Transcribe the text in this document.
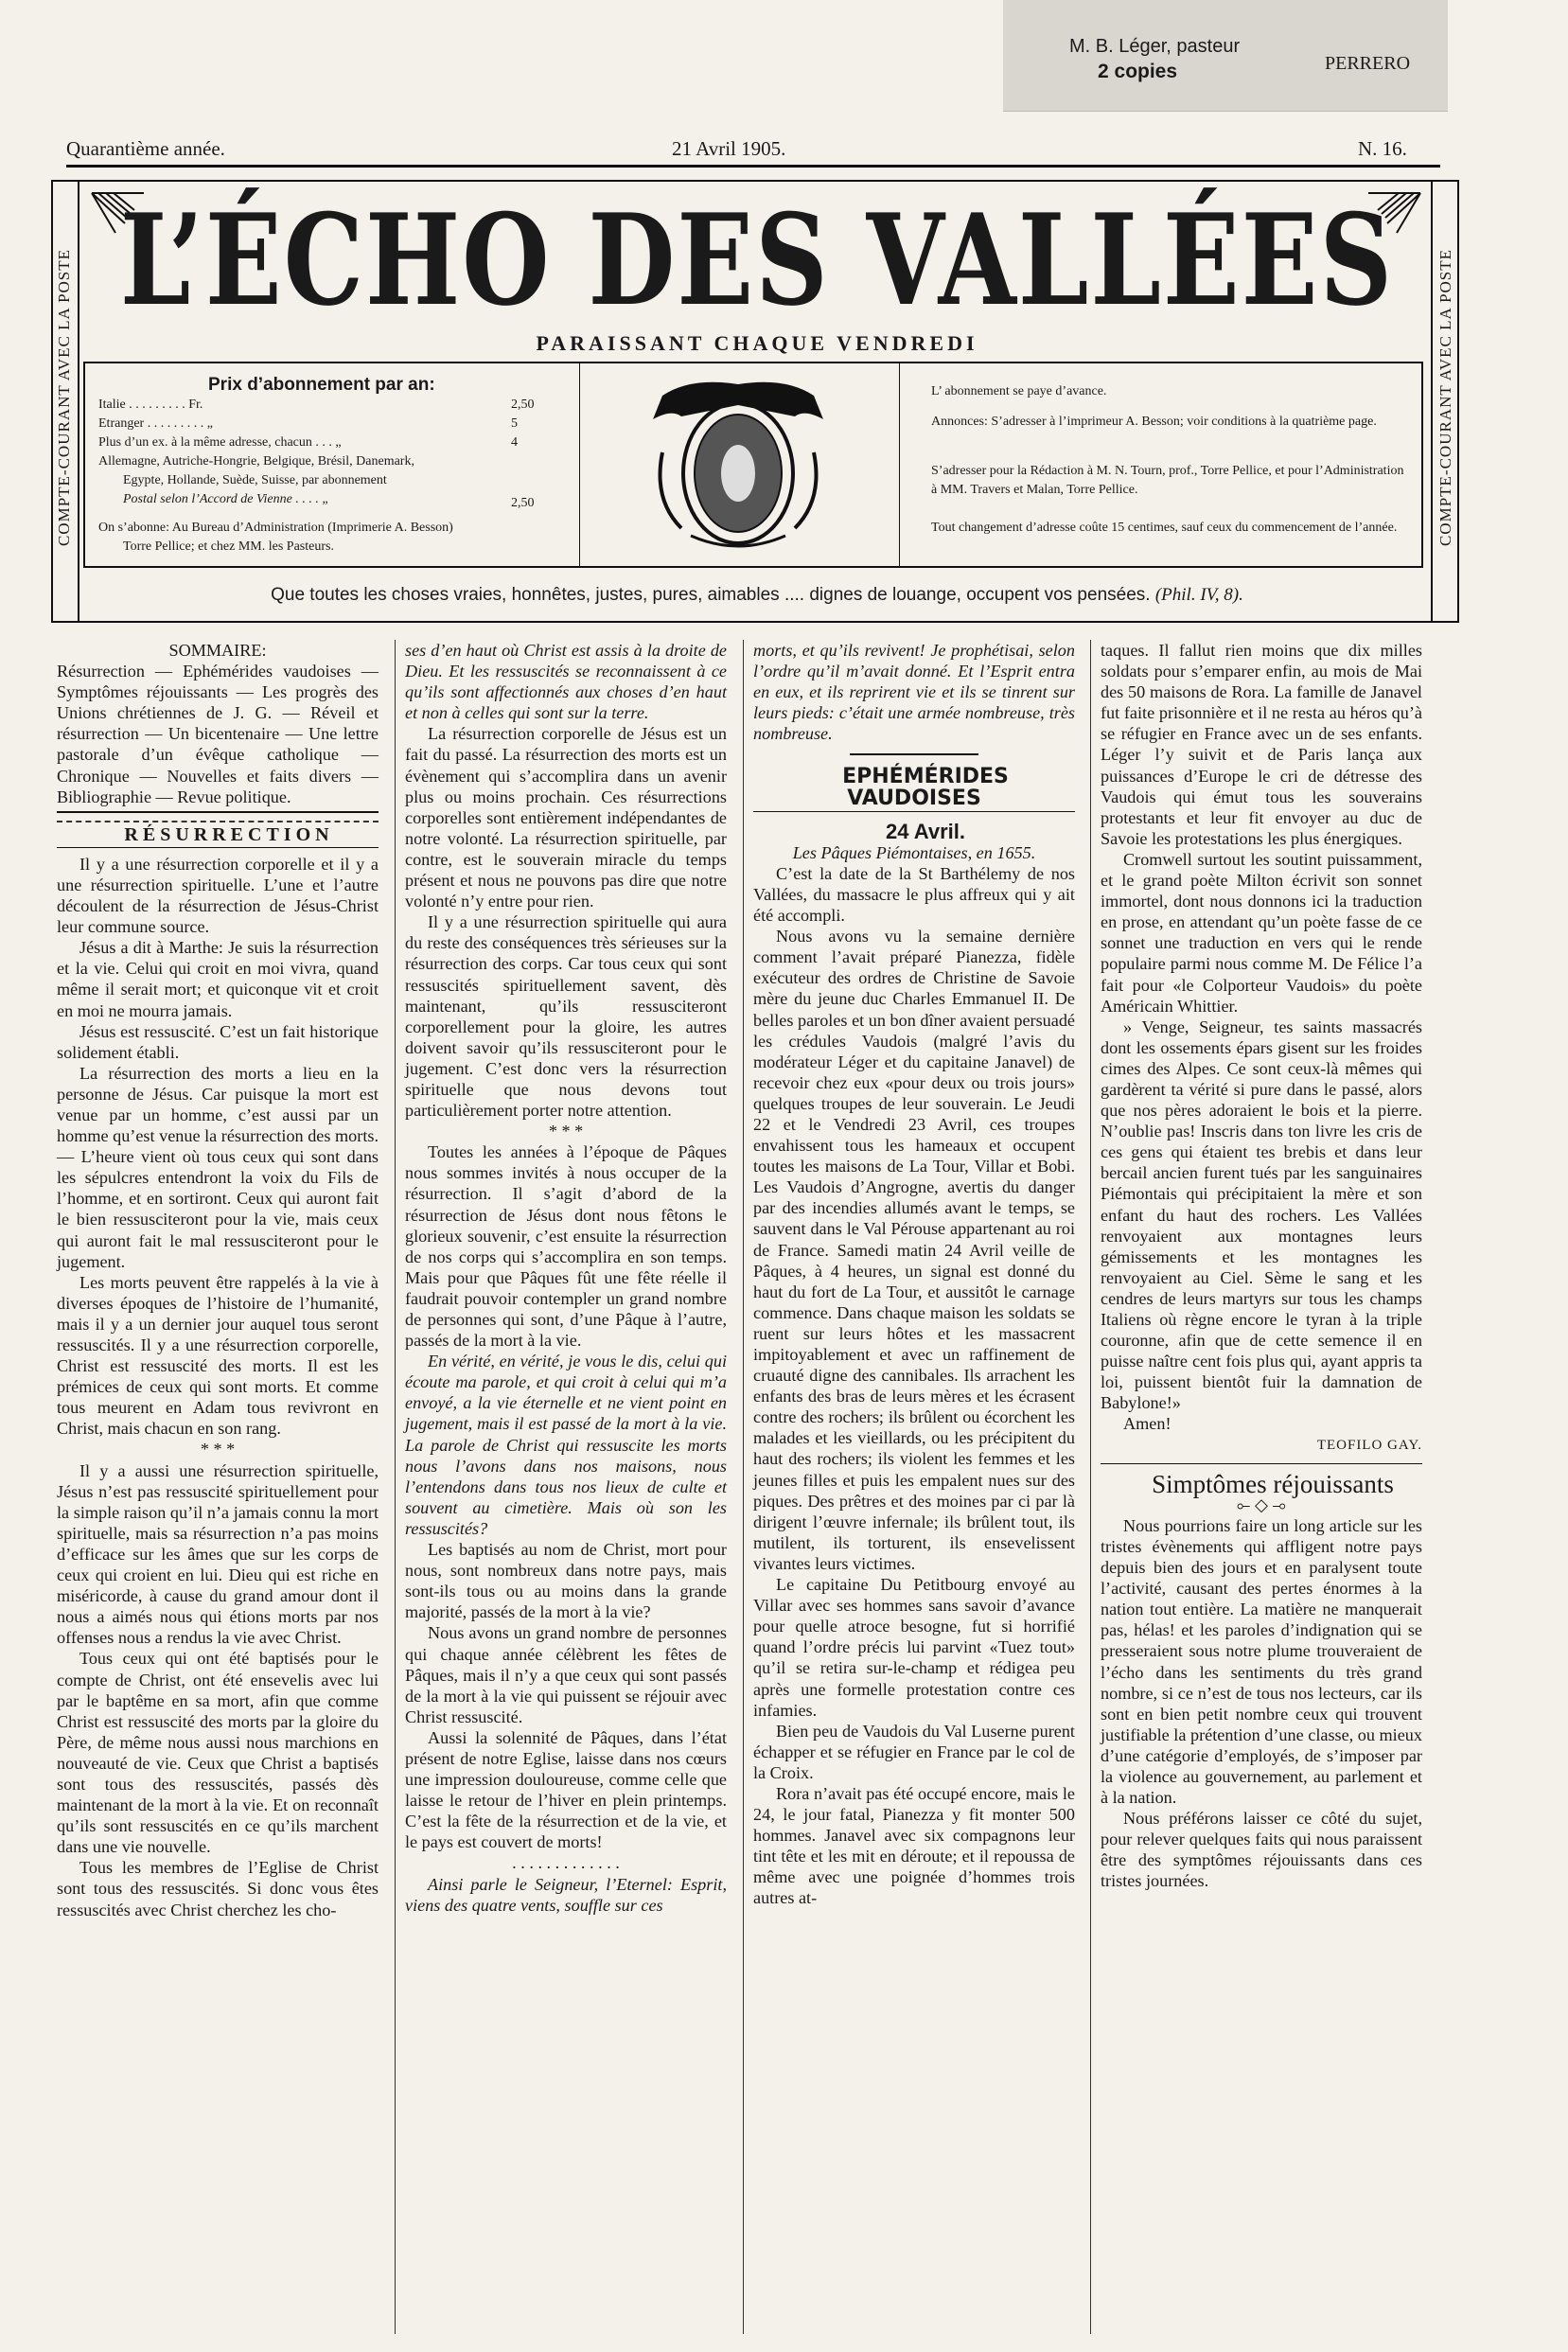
M. B. Léger, pasteur
2 copies	PERRERO
Quarantième année.	21 Avril 1905.	N. 16.
COMPTE-COURANT AVEC LA POSTE	COMPTE-COURANT AVEC LA POSTE
L’ÉCHO DES VALLÉES
PARAISSANT CHAQUE VENDREDI
Prix d’abonnement par an:
Italie . . . . . . . . . Fr.	2,50
Etranger . . . . . . . . . „	5
Plus d’un ex. à la même adresse, chacun . . . „	4
Allemagne, Autriche-Hongrie, Belgique, Brésil, Danemark,
Egypte, Hollande, Suède, Suisse, par abonnement
Postal selon l’Accord de Vienne . . . . „	2,50
On s’abonne: Au Bureau d’Administration (Imprimerie A. Besson)
Torre Pellice; et chez MM. les Pasteurs.
L’ abonnement se paye d’avance.
Annonces: S’adresser à l’imprimeur A. Besson; voir conditions à la quatrième page.
S’adresser pour la Rédaction à M. N. Tourn, prof., Torre Pellice, et pour l’Administration à MM. Travers et Malan, Torre Pellice.
Tout changement d’adresse coûte 15 centimes, sauf ceux du commencement de l’année.
Que toutes les choses vraies, honnêtes, justes, pures, aimables .... dignes de louange, occupent vos pensées. (Phil. IV, 8).

SOMMAIRE:

Résurrection — Ephémérides vaudoises — Symptômes réjouissants — Les progrès des Unions chrétiennes de J. G. — Réveil et résurrection — Un bicentenaire — Une lettre pastorale d’un évêque catholique — Chronique — Nouvelles et faits divers — Bibliographie — Revue politique.

RÉSURRECTION

Il y a une résurrection corporelle et il y a une résurrection spirituelle. L’une et l’autre découlent de la résurrection de Jésus-Christ leur commune source.

Jésus a dit à Marthe: Je suis la résurrection et la vie. Celui qui croit en moi vivra, quand même il serait mort; et quiconque vit et croit en moi ne mourra jamais.

Jésus est ressuscité. C’est un fait historique solidement établi.

La résurrection des morts a lieu en la personne de Jésus. Car puisque la mort est venue par un homme, c’est aussi par un homme qu’est venue la résurrection des morts. — L’heure vient où tous ceux qui sont dans les sépulcres entendront la voix du Fils de l’homme, et en sortiront. Ceux qui auront fait le bien ressusciteront pour la vie, mais ceux qui auront fait le mal ressusciteront pour le jugement.

Les morts peuvent être rappelés à la vie à diverses époques de l’histoire de l’humanité, mais il y a un dernier jour auquel tous seront ressuscités. Il y a une résurrection corporelle, Christ est ressuscité des morts. Il est les prémices de ceux qui sont morts. Et comme tous meurent en Adam tous revivront en Christ, mais chacun en son rang.

* * *

Il y a aussi une résurrection spirituelle, Jésus n’est pas ressuscité spirituellement pour la simple raison qu’il n’a jamais connu la mort spirituelle, mais sa résurrection n’a pas moins d’efficace sur les âmes que sur les corps de ceux qui croient en lui. Dieu qui est riche en miséricorde, à cause du grand amour dont il nous a aimés nous qui étions morts par nos offenses nous a rendus la vie avec Christ.

Tous ceux qui ont été baptisés pour le compte de Christ, ont été ensevelis avec lui par le baptême en sa mort, afin que comme Christ est ressuscité des morts par la gloire du Père, de même nous aussi nous marchions en nouveauté de vie. Ceux que Christ a baptisés sont tous des ressuscités, passés dès maintenant de la mort à la vie. Et on reconnaît qu’ils sont ressuscités en ce qu’ils marchent dans une vie nouvelle.

Tous les membres de l’Eglise de Christ sont tous des ressuscités. Si donc vous êtes ressuscités avec Christ cherchez les cho-

ses d’en haut où Christ est assis à la droite de Dieu. Et les ressuscités se reconnaissent à ce qu’ils sont affectionnés aux choses d’en haut et non à celles qui sont sur la terre.

La résurrection corporelle de Jésus est un fait du passé. La résurrection des morts est un évènement qui s’accomplira dans un avenir plus ou moins prochain. Ces résurrections corporelles sont entièrement indépendantes de notre volonté. La résurrection spirituelle, par contre, est le souverain miracle du temps présent et nous ne pouvons pas dire que notre volonté n’y entre pour rien.

Il y a une résurrection spirituelle qui aura du reste des conséquences très sérieuses sur la résurrection des corps. Car tous ceux qui sont ressuscités spirituellement savent, dès maintenant, qu’ils ressusciteront corporellement pour la gloire, les autres doivent savoir qu’ils ressusciteront pour le jugement. C’est donc vers la résurrection spirituelle que nous devons tout particulièrement porter notre attention.

* * *

Toutes les années à l’époque de Pâques nous sommes invités à nous occuper de la résurrection. Il s’agit d’abord de la résurrection de Jésus dont nous fêtons le glorieux souvenir, c’est ensuite la résurrection de nos corps qui s’accomplira en son temps. Mais pour que Pâques fût une fête réelle il faudrait pouvoir contempler un grand nombre de personnes qui sont, d’une Pâque à l’autre, passés de la mort à la vie.

En vérité, en vérité, je vous le dis, celui qui écoute ma parole, et qui croit à celui qui m’a envoyé, a la vie éternelle et ne vient point en jugement, mais il est passé de la mort à la vie. La parole de Christ qui ressuscite les morts nous l’avons dans nos maisons, nous l’entendons dans tous nos lieux de culte et souvent au cimetière. Mais où son les ressuscités?

Les baptisés au nom de Christ, mort pour nous, sont nombreux dans notre pays, mais sont-ils tous ou au moins dans la grande majorité, passés de la mort à la vie?

Nous avons un grand nombre de personnes qui chaque année célèbrent les fêtes de Pâques, mais il n’y a que ceux qui sont passés de la mort à la vie qui puissent se réjouir avec Christ ressuscité.

Aussi la solennité de Pâques, dans l’état présent de notre Eglise, laisse dans nos cœurs une impression douloureuse, comme celle que laisse le retour de l’hiver en plein printemps. C’est la fête de la résurrection et de la vie, et le pays est couvert de morts!

. . . . . . . . . . . . .

Ainsi parle le Seigneur, l’Eternel: Esprit, viens des quatre vents, souffle sur ces

morts, et qu’ils revivent! Je prophétisai, selon l’ordre qu’il m’avait donné. Et l’Esprit entra en eux, et ils reprirent vie et ils se tinrent sur leurs pieds: c’était une armée nombreuse, très nombreuse.

EPHÉMÉRIDES VAUDOISES

24 Avril.

Les Pâques Piémontaises, en 1655.

C’est la date de la St Barthélemy de nos Vallées, du massacre le plus affreux qui y ait été accompli.

Nous avons vu la semaine dernière comment l’avait préparé Pianezza, fidèle exécuteur des ordres de Christine de Savoie mère du jeune duc Charles Emmanuel II. De belles paroles et un bon dîner avaient persuadé les crédules Vaudois (malgré l’avis du modérateur Léger et du capitaine Janavel) de recevoir chez eux «pour deux ou trois jours» quelques troupes de leur souverain. Le Jeudi 22 et le Vendredi 23 Avril, ces troupes envahissent tous les hameaux et occupent toutes les maisons de La Tour, Villar et Bobi. Les Vaudois d’Angrogne, avertis du danger par des incendies allumés avant le temps, se sauvent dans le Val Pérouse appartenant au roi de France. Samedi matin 24 Avril veille de Pâques, à 4 heures, un signal est donné du haut du fort de La Tour, et aussitôt le carnage commence. Dans chaque maison les soldats se ruent sur leurs hôtes et les massacrent impitoyablement et avec un raffinement de cruauté digne des cannibales. Ils arrachent les enfants des bras de leurs mères et les écrasent contre des rochers; ils brûlent ou écorchent les malades et les vieillards, ou les précipitent du haut des rochers; ils violent les femmes et les jeunes filles et puis les empalent nues sur des piques. Des prêtres et des moines par ci par là dirigent l’œuvre infernale; ils brûlent tout, ils mutilent, ils torturent, ils ensevelissent vivantes leurs victimes.

Le capitaine Du Petitbourg envoyé au Villar avec ses hommes sans savoir d’avance pour quelle atroce besogne, fut si horrifié quand l’ordre précis lui parvint «Tuez tout» qu’il se retira sur-le-champ et rédigea peu après une formelle protestation contre ces infamies.

Bien peu de Vaudois du Val Luserne purent échapper et se réfugier en France par le col de la Croix.

Rora n’avait pas été occupé encore, mais le 24, le jour fatal, Pianezza y fit monter 500 hommes. Janavel avec six compagnons leur tint tête et les mit en déroute; et il repoussa de même avec une poignée d’hommes trois autres at-

taques. Il fallut rien moins que dix milles soldats pour s’emparer enfin, au mois de Mai des 50 maisons de Rora. La famille de Janavel fut faite prisonnière et il ne resta au héros qu’à se réfugier en France avec un de ses enfants. Léger l’y suivit et de Paris lança aux puissances d’Europe le cri de détresse des Vaudois qui émut tous les souverains protestants et leur fit envoyer au duc de Savoie les protestations les plus énergiques.

Cromwell surtout les soutint puissamment, et le grand poète Milton écrivit son sonnet immortel, dont nous donnons ici la traduction en prose, en attendant qu’un poète fasse de ce sonnet une traduction en vers qui le rende populaire parmi nous comme M. De Félice l’a fait pour «le Colporteur Vaudois» du poète Américain Whittier.

» Venge, Seigneur, tes saints massacrés dont les ossements épars gisent sur les froides cimes des Alpes. Ce sont ceux-là mêmes qui gardèrent ta vérité si pure dans le passé, alors que nos pères adoraient le bois et la pierre. N’oublie pas! Inscris dans ton livre les cris de ces gens qui étaient tes brebis et dans leur bercail ancien furent tués par les sanguinaires Piémontais qui précipitaient la mère et son enfant du haut des rochers. Les Vallées renvoyaient aux montagnes leurs gémissements et les montagnes les renvoyaient au Ciel. Sème le sang et les cendres de leurs martyrs sur tous les champs Italiens où règne encore le tyran à la triple couronne, afin que de cette semence il en puisse naître cent fois plus qui, ayant appris ta loi, puissent bientôt fuir la damnation de Babylone!»

Amen!

TEOFILO GAY.

Simptômes réjouissants

⟜ ◇ ⊸

Nous pourrions faire un long article sur les tristes évènements qui affligent notre pays depuis bien des jours et en paralysent toute l’activité, causant des pertes énormes à la nation tout entière. La matière ne manquerait pas, hélas! et les paroles d’indignation qui se presseraient sous notre plume trouveraient de l’écho dans les sentiments du très grand nombre, si ce n’est de tous nos lecteurs, car ils sont en bien petit nombre ceux qui trouvent justifiable la prétention d’une classe, ou mieux d’une catégorie d’employés, de s’imposer par la violence au gouvernement, au parlement et à la nation.

Nous préférons laisser ce côté du sujet, pour relever quelques faits qui nous paraissent être des symptômes réjouissants dans ces tristes journées.
